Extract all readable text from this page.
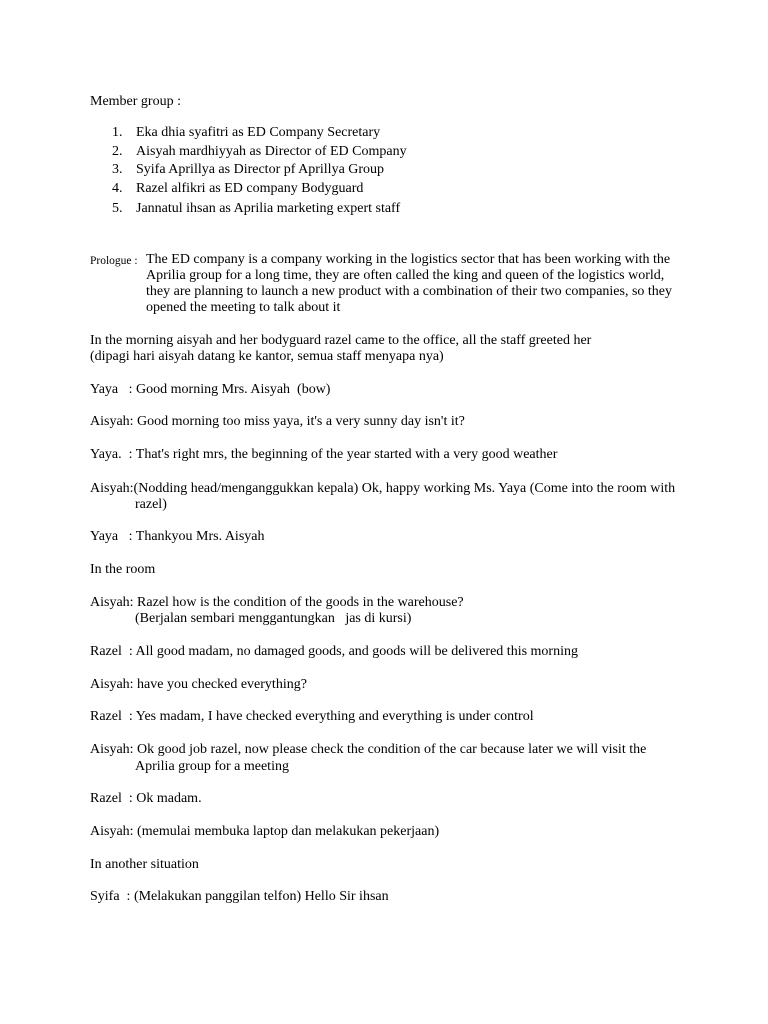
Member group :
1. Eka dhia syafitri as ED Company Secretary
2. Aisyah mardhiyyah as Director of ED Company
3. Syifa Aprillya as Director pf Aprillya Group
4. Razel alfikri as ED company Bodyguard
5. Jannatul ihsan as Aprilia marketing expert staff
Prologue : The ED company is a company working in the logistics sector that has been working with the
Aprilia group for a long time, they are often called the king and queen of the logistics world,
they are planning to launch a new product with a combination of their two companies, so they
opened the meeting to talk about it
In the morning aisyah and her bodyguard razel came to the office, all the staff greeted her
(dipagi hari aisyah datang ke kantor, semua staff menyapa nya)
Yaya   : Good morning Mrs. Aisyah  (bow)
Aisyah: Good morning too miss yaya, it's a very sunny day isn't it?
Yaya.  : That's right mrs, the beginning of the year started with a very good weather
Aisyah:(Nodding head/menganggukkan kepala) Ok, happy working Ms. Yaya (Come into the room with
razel)
Yaya   : Thankyou Mrs. Aisyah
In the room
Aisyah: Razel how is the condition of the goods in the warehouse?
(Berjalan sembari menggantungkan   jas di kursi)
Razel  : All good madam, no damaged goods, and goods will be delivered this morning
Aisyah: have you checked everything?
Razel  : Yes madam, I have checked everything and everything is under control
Aisyah: Ok good job razel, now please check the condition of the car because later we will visit the
Aprilia group for a meeting
Razel  : Ok madam.
Aisyah: (memulai membuka laptop dan melakukan pekerjaan)
In another situation
Syifa  : (Melakukan panggilan telfon) Hello Sir ihsan
